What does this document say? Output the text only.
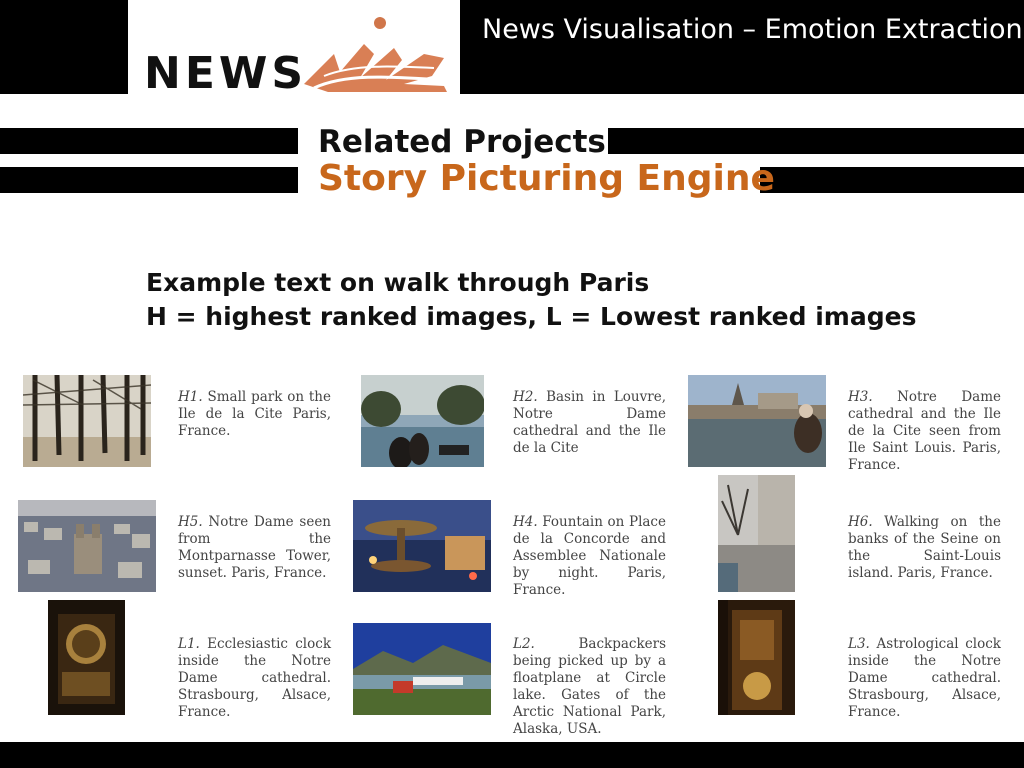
NEWS
News Visualisation – Emotion Extraction
Related Projects
Story Picturing Engine
Example text on walk through Paris
H = highest ranked images, L = Lowest ranked images
H1. Small park on the Ile de la Cite Paris, France.
H2. Basin in Louvre, Notre Dame cathedral and the Ile de la Cite
H3. Notre Dame cathedral and the Ile de la Cite seen from Ile Saint Louis. Paris, France.
H5. Notre Dame seen from the Montparnasse Tower, sunset. Paris, France.
H4. Fountain on Place de la Concorde and Assemblee Nationale by night. Paris, France.
H6. Walking on the banks of the Seine on the Saint-Louis island. Paris, France.
L1. Ecclesiastic clock inside the Notre Dame cathedral. Strasbourg, Alsace, France.
L2.	Backpackers being picked up by a floatplane at Circle lake. Gates of the Arctic National Park, Alaska, USA.
L3. Astrological clock inside the Notre Dame cathedral. Strasbourg, Alsace, France.
